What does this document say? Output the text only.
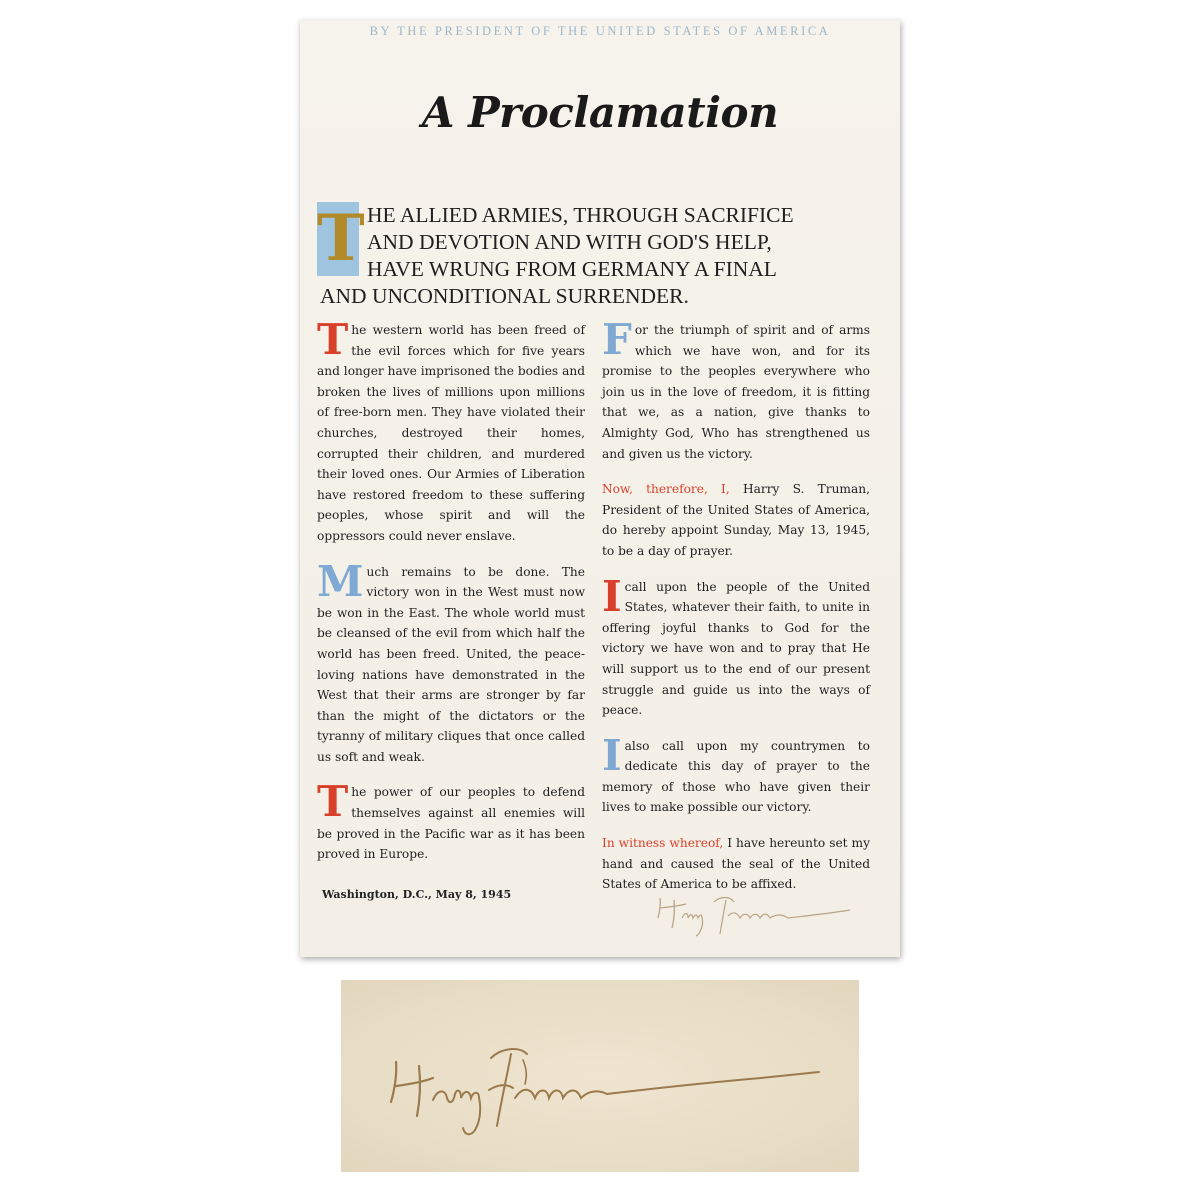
BY THE PRESIDENT OF THE UNITED STATES OF AMERICA
A Proclamation
T HE ALLIED ARMIES, THROUGH SACRIFICE

AND DEVOTION AND WITH GOD'S HELP,

HAVE WRUNG FROM GERMANY A FINAL

AND UNCONDITIONAL SURRENDER.

The western world has been freed of the evil forces which for five years and longer have imprisoned the bodies and broken the lives of millions upon millions of free-born men. They have violated their churches, destroyed their homes, corrupted their children, and murdered their loved ones. Our Armies of Liberation have restored freedom to these suffering peoples, whose spirit and will the oppressors could never enslave.

Much remains to be done. The victory won in the West must now be won in the East. The whole world must be cleansed of the evil from which half the world has been freed. United, the peace-loving nations have demonstrated in the West that their arms are stronger by far than the might of the dictators or the tyranny of military cliques that once called us soft and weak.

The power of our peoples to defend themselves against all enemies will be proved in the Pacific war as it has been proved in Europe.

For the triumph of spirit and of arms which we have won, and for its promise to the peoples everywhere who join us in the love of freedom, it is fitting that we, as a nation, give thanks to Almighty God, Who has strengthened us and given us the victory.

Now, therefore, I, Harry S. Truman, President of the United States of America, do hereby appoint Sunday, May 13, 1945, to be a day of prayer.

I call upon the people of the United States, whatever their faith, to unite in offering joyful thanks to God for the victory we have won and to pray that He will support us to the end of our present struggle and guide us into the ways of peace.

I also call upon my countrymen to dedicate this day of prayer to the memory of those who have given their lives to make possible our victory.

In witness whereof, I have hereunto set my hand and caused the seal of the United States of America to be affixed.

Washington, D.C., May 8, 1945
